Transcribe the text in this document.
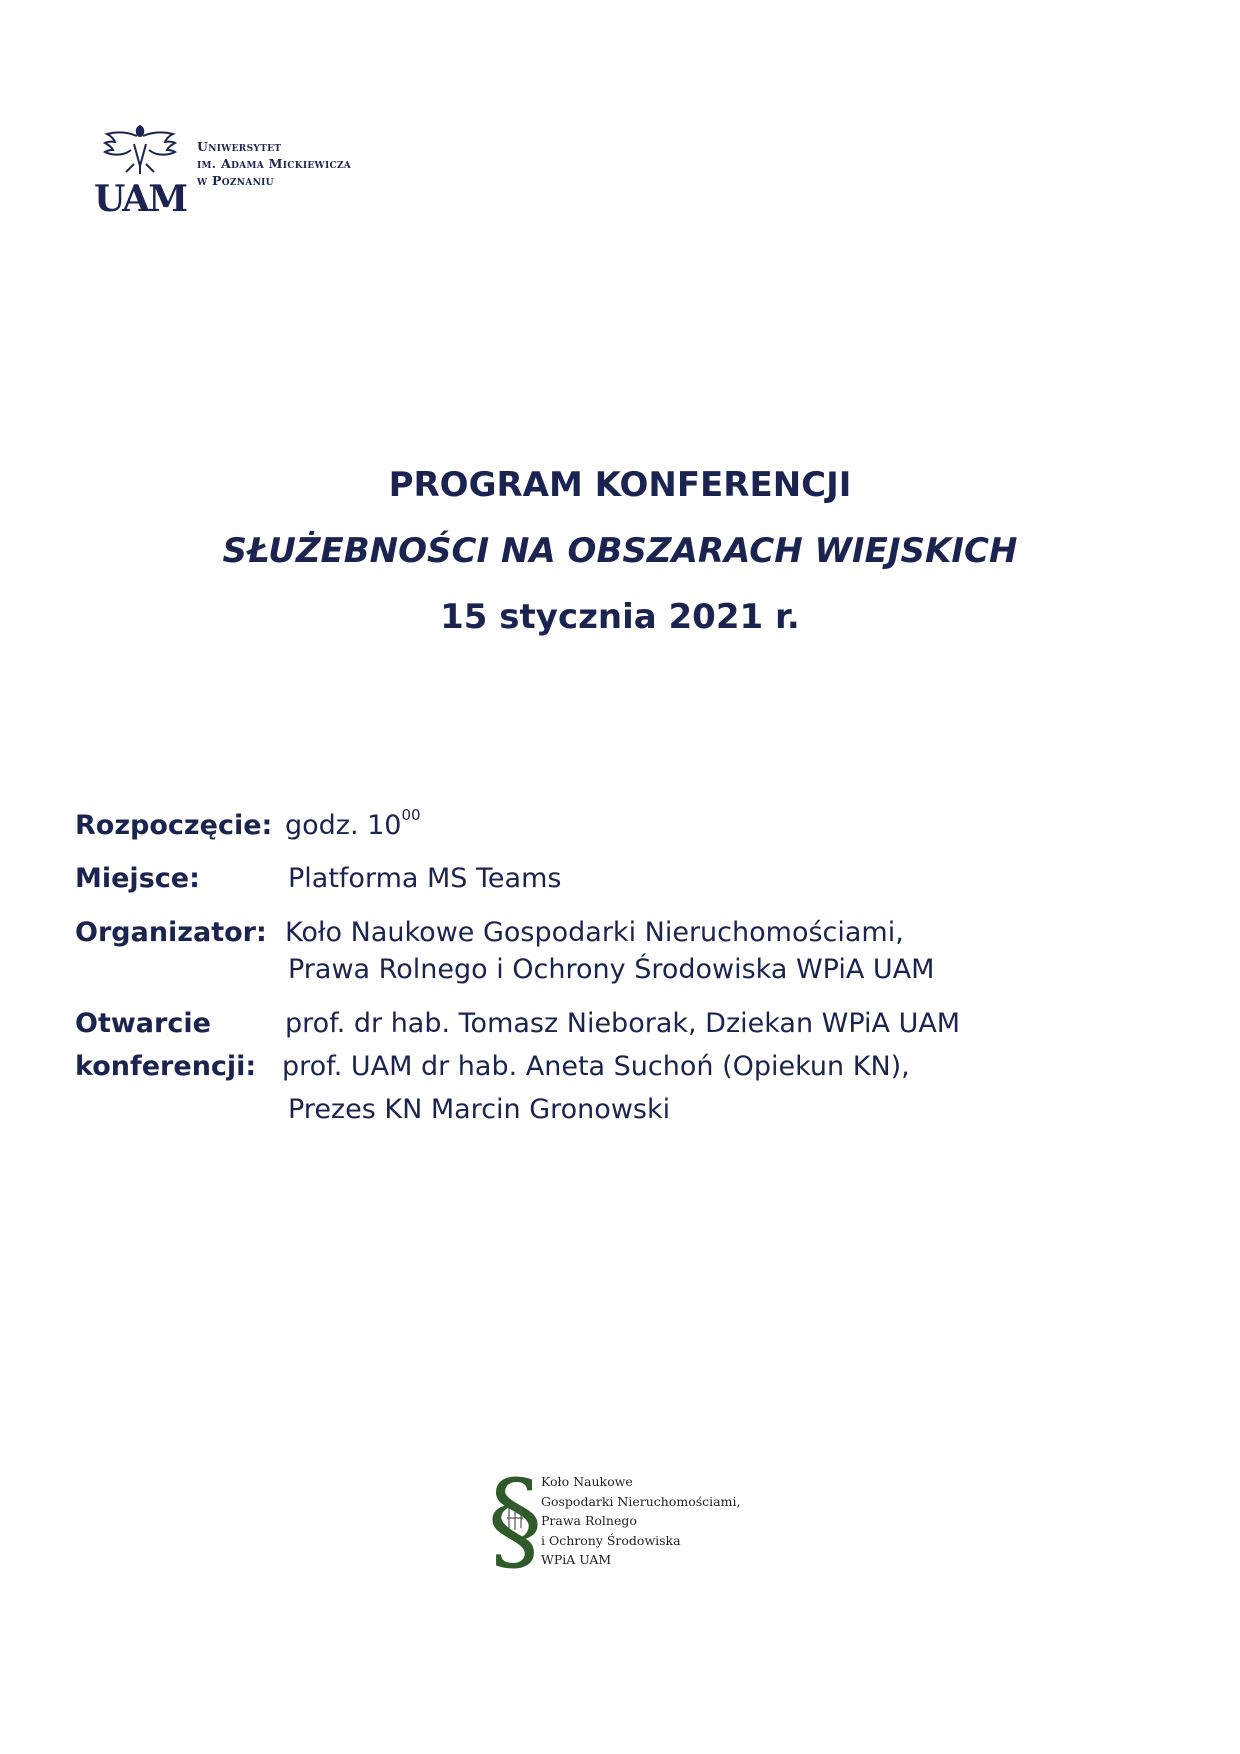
UAM
Uniwersytet
im. Adama Mickiewicza
w Poznaniu
PROGRAM KONFERENCJI
SŁUŻEBNOŚCI NA OBSZARACH WIEJSKICH
15 stycznia 2021 r.
Rozpoczęcie: godz. $10^{00}$
Miejsce:	Platforma MS Teams
Organizator: Koło Naukowe Gospodarki Nieruchomościami,
Prawa Rolnego i Ochrony Środowiska WPiA UAM
Otwarcie
konferencji:
prof. dr hab. Tomasz Nieborak, Dziekan WPiA UAM
prof. UAM dr hab. Aneta Suchoń (Opiekun KN),
Prezes KN Marcin Gronowski
§
Koło Naukowe
Gospodarki Nieruchomościami,
Prawa Rolnego
i Ochrony Środowiska
WPiA UAM
